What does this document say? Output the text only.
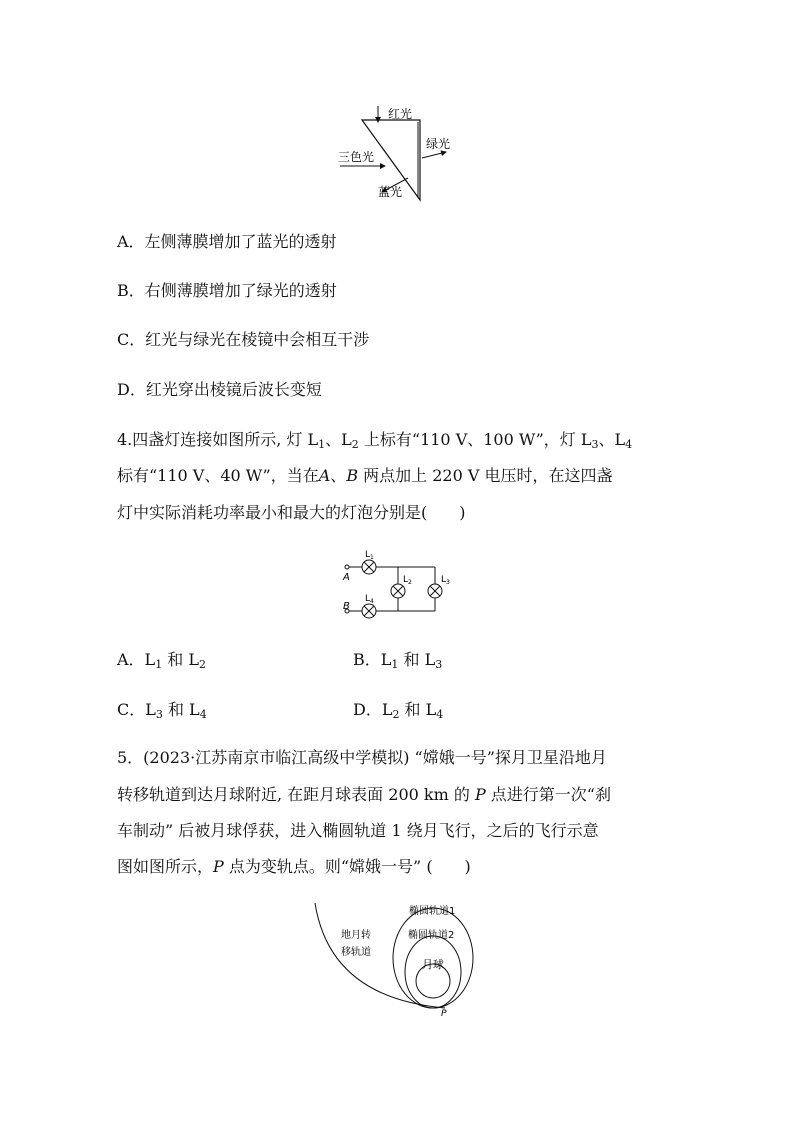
红光
三色光
绿光
蓝光
A．左侧薄膜增加了蓝光的透射
B．右侧薄膜增加了绿光的透射
C．红光与绿光在棱镜中会相互干涉
D．红光穿出棱镜后波长变短
4.四盏灯连接如图所示, 灯 $L_1$、$L_2$ 上标有“110 V、100 W”，灯 $L_3$、$L_4$
标有“110 V、40 W”，当在A、B 两点加上 220 V 电压时，在这四盏
灯中实际消耗功率最小和最大的灯泡分别是(　　)
A
B
$L_1$
$L_2$	$L_3$
$L_4$
A．$L_1$ 和 $L_2$	B．$L_1$ 和 $L_3$
C．$L_3$ 和 $L_4$	D．$L_2$ 和 $L_4$
5．(2023·江苏南京市临江高级中学模拟) “嫦娥一号”探月卫星沿地月
转移轨道到达月球附近, 在距月球表面 200 km 的 P 点进行第一次“刹
车制动” 后被月球俘获，进入椭圆轨道 1 绕月飞行，之后的飞行示意
图如图所示，P 点为变轨点。则“嫦娥一号” (　　)
椭圆轨道1
椭圆轨道2
地月转
移轨道
月球
P
